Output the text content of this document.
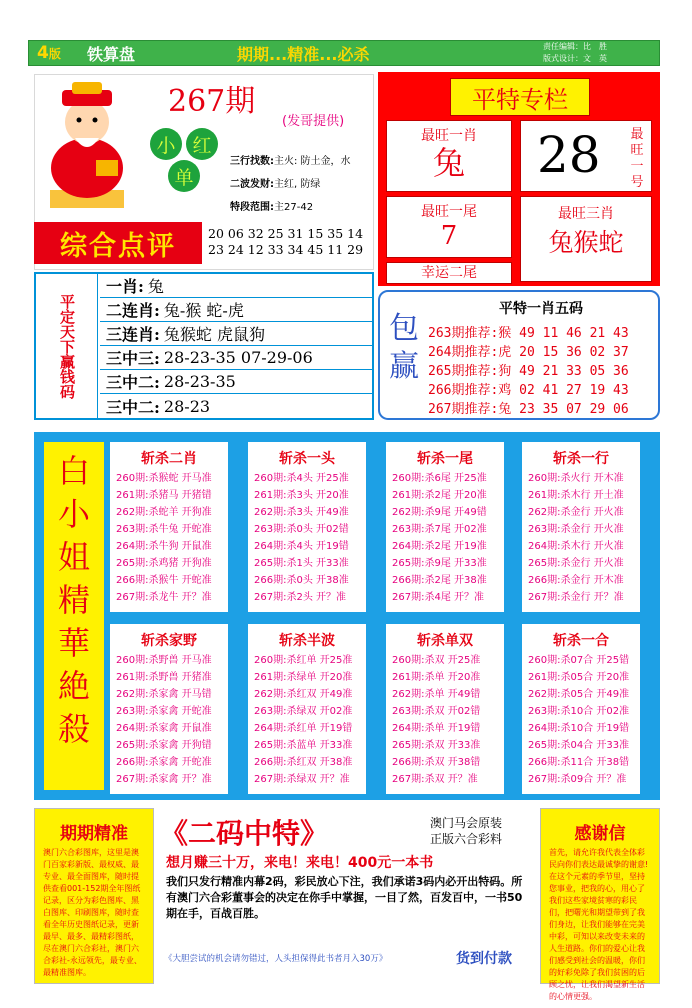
4版	铁算盘	期期...精准...必杀	责任编辑：比　胜
版式设计：文　英
267期
(发哥提供)
小 红
单
三行找数:主火: 防土金，水
二波发财:主红, 防绿
特段范围:主27-42
综合点评	20 06 32 25 31 15 35 14
23 24 12 33 34 45 11 29
平特专栏
最旺一肖
兔	28 最旺一号
最旺一尾
7
最旺三肖
兔猴蛇
幸运二尾
平定天下赢钱码
一肖: 兔
二连肖: 兔-猴 蛇-虎
三连肖: 兔猴蛇 虎鼠狗
三中三: 28-23-35 07-29-06
三中二: 28-23-35
三中二: 28-23
包赢
平特一肖五码
263期推荐:猴 49 11 46 21 43
264期推荐:虎 20 15 36 02 37
265期推荐:狗 49 21 33 05 36
266期推荐:鸡 02 41 27 19 43
267期推荐:兔 23 35 07 29 06
白小姐精華絶殺
斩杀二肖
260期:杀猴蛇 开马准
261期:杀猪马 开猪错
262期:杀蛇羊 开狗准
263期:杀牛兔 开蛇准
264期:杀牛狗 开鼠准
265期:杀鸡猪 开狗准
266期:杀猴牛 开蛇准
267期:杀龙牛 开？准
斩杀一头
260期:杀4头 开25准
261期:杀3头 开20准
262期:杀3头 开49准
263期:杀0头 开02错
264期:杀4头 开19错
265期:杀1头 开33准
266期:杀0头 开38准
267期:杀2头 开？准
斩杀一尾
260期:杀6尾 开25准
261期:杀2尾 开20准
262期:杀9尾 开49错
263期:杀7尾 开02准
264期:杀2尾 开19准
265期:杀9尾 开33准
266期:杀2尾 开38准
267期:杀4尾 开？准
斩杀一行
260期:杀火行 开木准
261期:杀木行 开土准
262期:杀金行 开火准
263期:杀金行 开火准
264期:杀木行 开火准
265期:杀金行 开火准
266期:杀金行 开木准
267期:杀金行 开？准
斩杀家野
260期:杀野兽 开马准
261期:杀野兽 开猪准
262期:杀家禽 开马错
263期:杀家禽 开蛇准
264期:杀家禽 开鼠准
265期:杀家禽 开狗错
266期:杀家禽 开蛇准
267期:杀家禽 开？准
斩杀半波
260期:杀红单 开25准
261期:杀绿单 开20准
262期:杀红双 开49准
263期:杀绿双 开02准
264期:杀红单 开19错
265期:杀蓝单 开33准
266期:杀红双 开38准
267期:杀绿双 开？准
斩杀单双
260期:杀双 开25准
261期:杀单 开20准
262期:杀单 开49错
263期:杀双 开02错
264期:杀单 开19错
265期:杀双 开33准
266期:杀双 开38错
267期:杀双 开？准
斩杀一合
260期:杀07合 开25错
261期:杀05合 开20准
262期:杀05合 开49准
263期:杀10合 开02准
264期:杀10合 开19错
265期:杀04合 开33准
266期:杀11合 开38错
267期:杀09合 开？准
期期精准

澳门六合彩图库，这里是澳门百家彩新版、最权威、最专业、最全面图库，随时提供查看001-152期全年图纸记录，区分为彩色图库、黑白图库、印刷图库，随时查看全年历史图纸记录，更新最早、最多、最精彩图纸，尽在澳门六合彩社，澳门六合彩社-永远领先，最专业、最精准图库。

《二码中特》	澳门马会原装
正版六合彩料
想月赚三十万，来电！来电！400元一本书
我们只发行精准内幕2码，彩民放心下注，我们承诺3码内必开出特码。所有澳门六合彩董事会的决定在你手中掌握，一目了然，百发百中，一书50期在手，百战百胜。
《大胆尝试的机会请勿错过，人头担保得此书者月入30万》	货到付款
感谢信

首先，请允许我代表全体彩民向你们表达最诚挚的谢意!在这个元素的季节里，坚持您事业，把我的心，用心了我们这些家境贫寒的彩民们，把曙光和期望带到了我们身边，让我们能够在完美中彩，可知以来改变未来的人生道路。你们的爱心让我们感受到社会的温暖，你们的好彩免除了我们贫困的后顾之忧，让我们渴望新生活的心情更强。
